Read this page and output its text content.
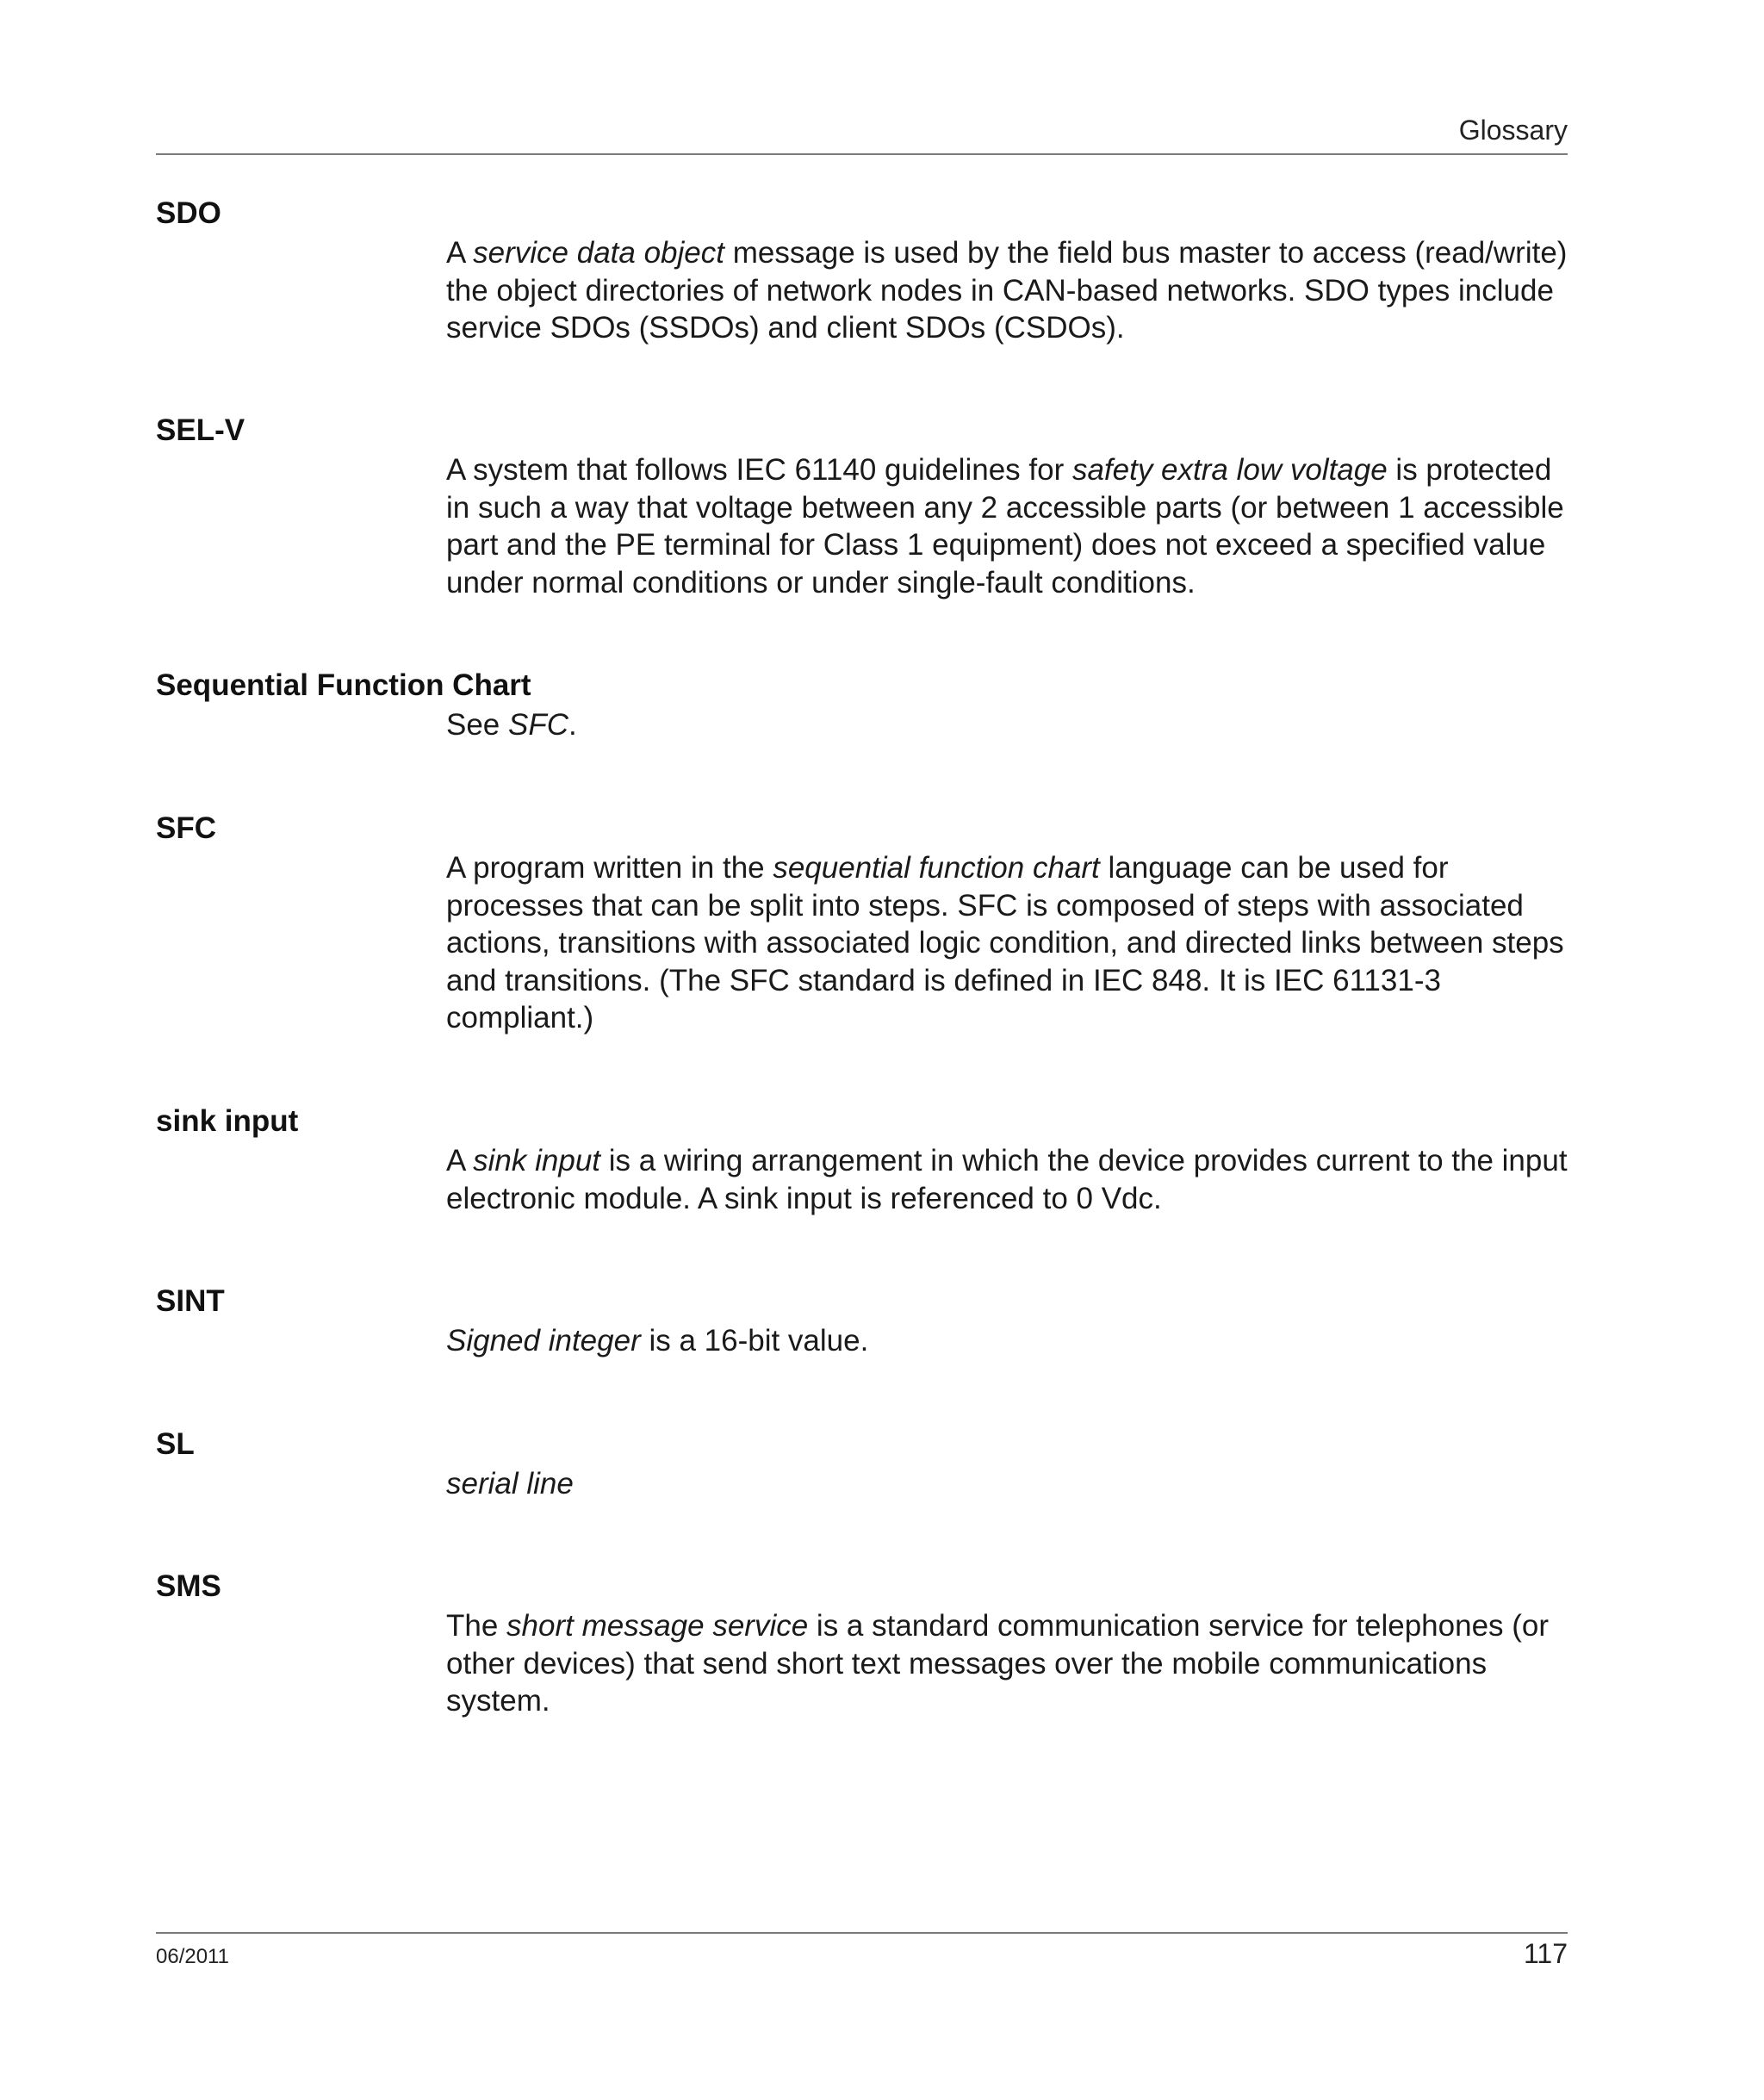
Glossary
SDO
A service data object message is used by the field bus master to access (read/write)
the object directories of network nodes in CAN-based networks. SDO types include
service SDOs (SSDOs) and client SDOs (CSDOs).
SEL-V
A system that follows IEC 61140 guidelines for safety extra low voltage is protected
in such a way that voltage between any 2 accessible parts (or between 1 accessible
part and the PE terminal for Class 1 equipment) does not exceed a specified value
under normal conditions or under single-fault conditions.
Sequential Function Chart
See SFC.
SFC
A program written in the sequential function chart language can be used for
processes that can be split into steps. SFC is composed of steps with associated
actions, transitions with associated logic condition, and directed links between steps
and transitions. (The SFC standard is defined in IEC 848. It is IEC 61131-3
compliant.)
sink input
A sink input is a wiring arrangement in which the device provides current to the input
electronic module. A sink input is referenced to 0 Vdc.
SINT
Signed integer is a 16-bit value.
SL
serial line
SMS
The short message service is a standard communication service for telephones (or
other devices) that send short text messages over the mobile communications
system.
06/2011	117
